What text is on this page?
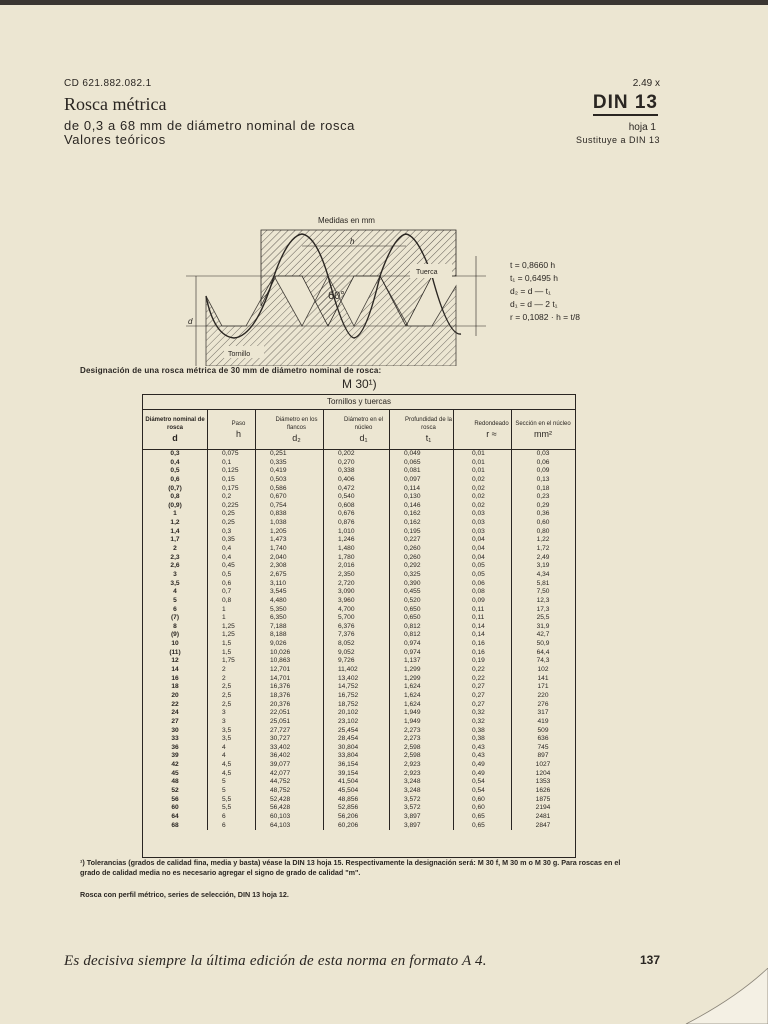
CD 621.882.082.1
Rosca métrica
de 0,3 a 68 mm de diámetro nominal de rosca
Valores teóricos
2.49 x
DIN 13
hoja 1
Sustituye a DIN 13
Medidas en mm
Tuerca
60°
h
d
Tornillo
t = 0,8660 h
t₁ = 0,6495 h
d₂ = d — t₁
d₁ = d — 2 t₁
r = 0,1082 · h = t/8
Designación de una rosca métrica de 30 mm de diámetro nominal de rosca:
M 30¹)
Tornillos y tuercas
Diámetro nominal de rosca
d
Paso
h
Diámetro en los flancos
d₂
Diámetro en el núcleo
d₁
Profundidad de la rosca
t₁
Redondeado
r ≈
Sección en el núcleo
mm²
0,3
0,4
0,5
0,6
(0,7)
0,8
(0,9)
1
1,2
1,4
1,7
2
2,3
2,6
3
3,5
4
5
6
(7)
8
(9)
10
(11)
12
14
16
18
20
22
24
27
30
33
36
39
42
45
48
52
56
60
64
68
0,075
0,1
0,125
0,15
0,175
0,2
0,225
0,25
0,25
0,3
0,35
0,4
0,4
0,45
0,5
0,6
0,7
0,8
1
1
1,25
1,25
1,5
1,5
1,75
2
2
2,5
2,5
2,5
3
3
3,5
3,5
4
4
4,5
4,5
5
5
5,5
5,5
6
6
0,251
0,335
0,419
0,503
0,586
0,670
0,754
0,838
1,038
1,205
1,473
1,740
2,040
2,308
2,675
3,110
3,545
4,480
5,350
6,350
7,188
8,188
9,026
10,026
10,863
12,701
14,701
16,376
18,376
20,376
22,051
25,051
27,727
30,727
33,402
36,402
39,077
42,077
44,752
48,752
52,428
56,428
60,103
64,103
0,202
0,270
0,338
0,406
0,472
0,540
0,608
0,676
0,876
1,010
1,246
1,480
1,780
2,016
2,350
2,720
3,090
3,960
4,700
5,700
6,376
7,376
8,052
9,052
9,726
11,402
13,402
14,752
16,752
18,752
20,102
23,102
25,454
28,454
30,804
33,804
36,154
39,154
41,504
45,504
48,856
52,856
56,206
60,206
0,049
0,065
0,081
0,097
0,114
0,130
0,146
0,162
0,162
0,195
0,227
0,260
0,260
0,292
0,325
0,390
0,455
0,520
0,650
0,650
0,812
0,812
0,974
0,974
1,137
1,299
1,299
1,624
1,624
1,624
1,949
1,949
2,273
2,273
2,598
2,598
2,923
2,923
3,248
3,248
3,572
3,572
3,897
3,897
0,01
0,01
0,01
0,02
0,02
0,02
0,02
0,03
0,03
0,03
0,04
0,04
0,04
0,05
0,05
0,06
0,08
0,09
0,11
0,11
0,14
0,14
0,16
0,16
0,19
0,22
0,22
0,27
0,27
0,27
0,32
0,32
0,38
0,38
0,43
0,43
0,49
0,49
0,54
0,54
0,60
0,60
0,65
0,65
0,03
0,06
0,09
0,13
0,18
0,23
0,29
0,36
0,60
0,80
1,22
1,72
2,49
3,19
4,34
5,81
7,50
12,3
17,3
25,5
31,9
42,7
50,9
64,4
74,3
102
141
171
220
276
317
419
509
636
745
897
1027
1204
1353
1626
1875
2194
2481
2847
¹) Tolerancias (grados de calidad fina, media y basta) véase la DIN 13 hoja 15. Respectivamente la designación será: M 30 f, M 30 m o M 30 g. Para roscas en el grado de calidad media no es necesario agregar el signo de grado de calidad "m".
Rosca con perfil métrico, series de selección, DIN 13 hoja 12.
Es decisiva siempre la última edición de esta norma en formato A 4.	137
